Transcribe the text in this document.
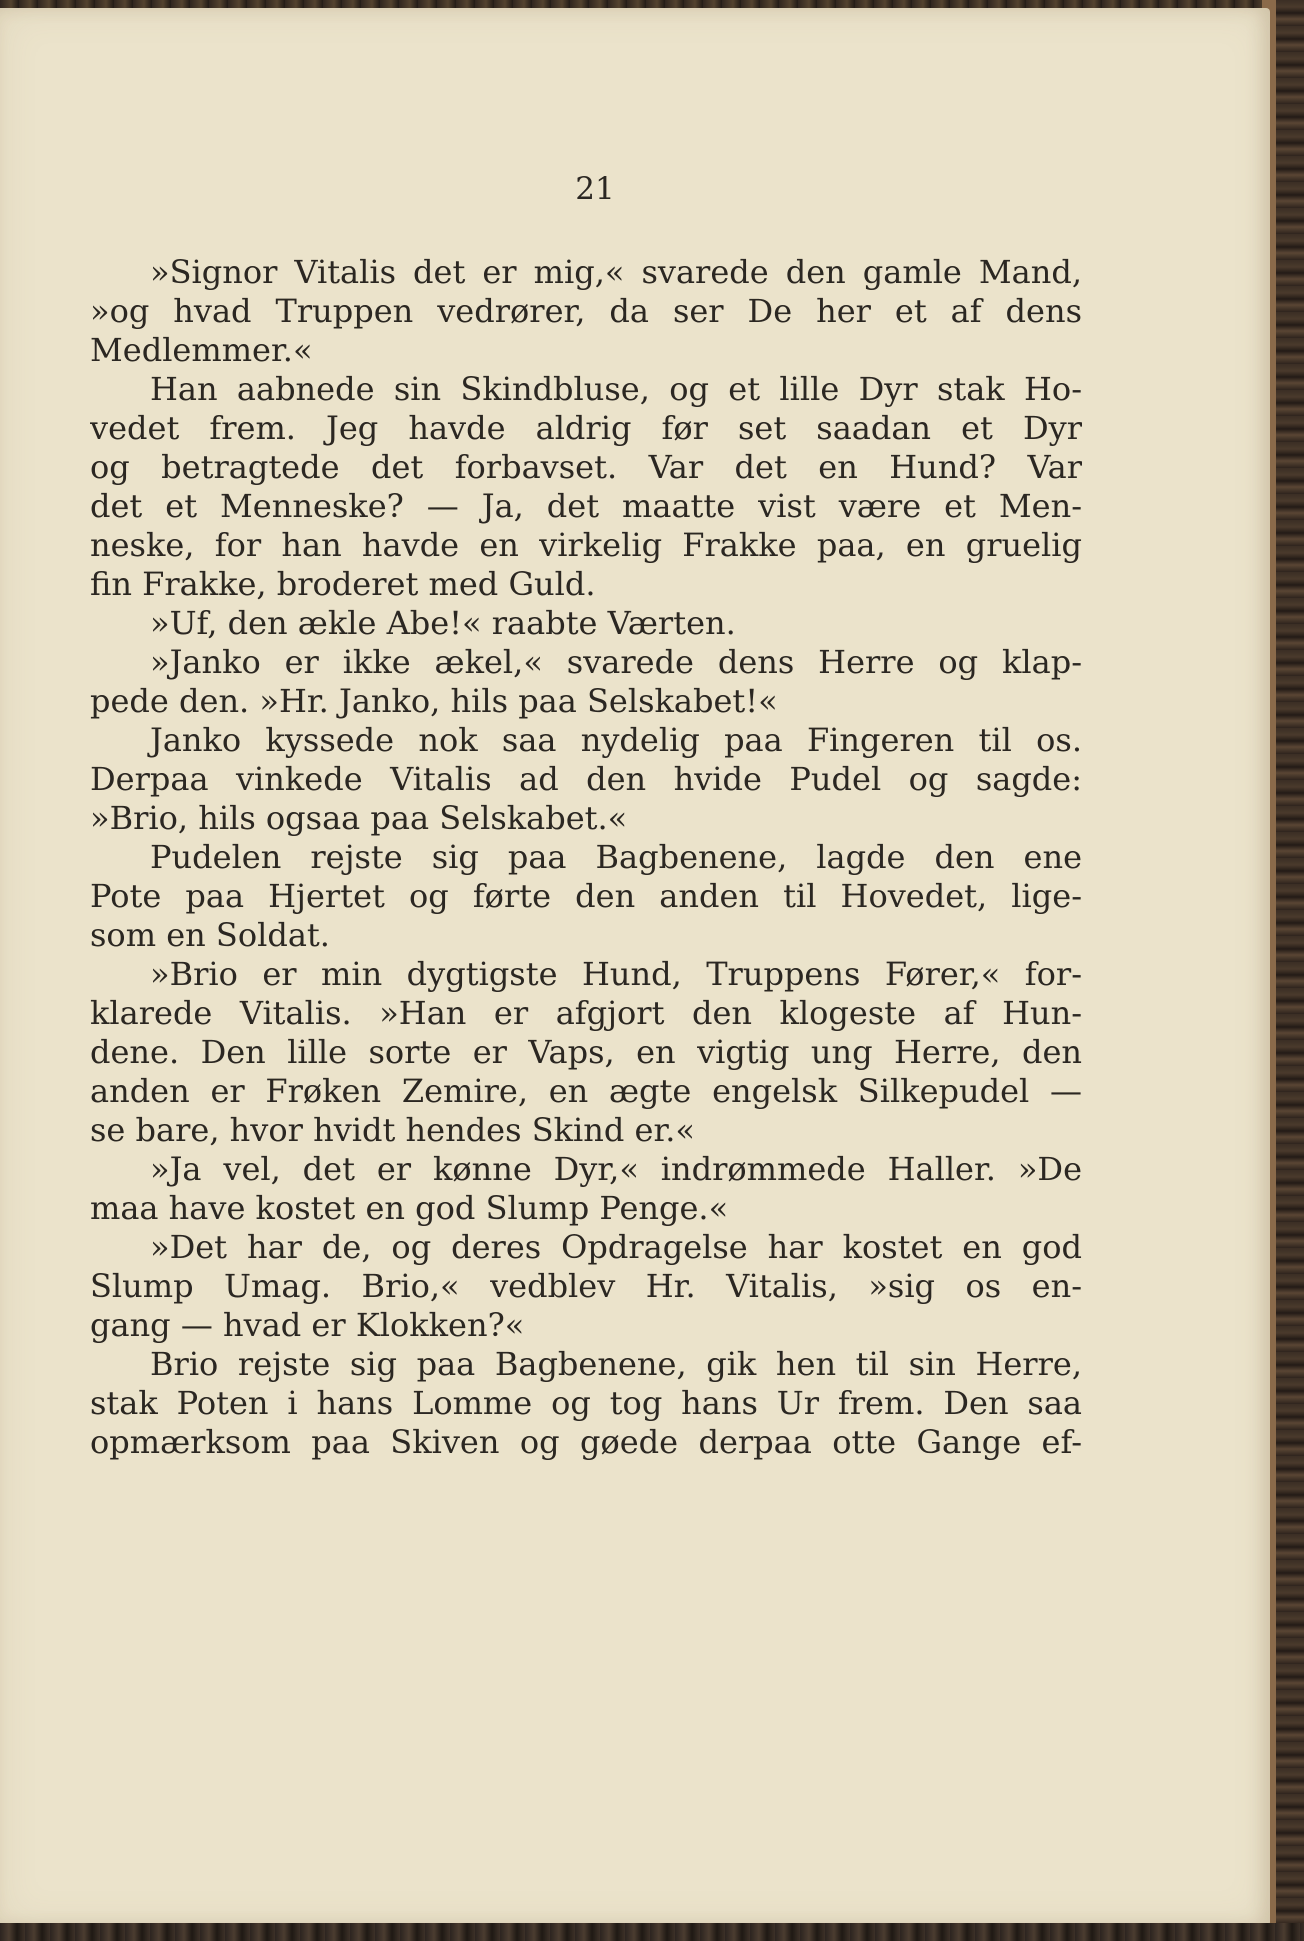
21
»Signor Vitalis det er mig,« svarede den gamle Mand,
»og hvad Truppen vedrører, da ser De her et af dens
Medlemmer.«
Han aabnede sin Skindbluse, og et lille Dyr stak Ho-
vedet frem. Jeg havde aldrig før set saadan et Dyr
og betragtede det forbavset. Var det en Hund? Var
det et Menneske? — Ja, det maatte vist være et Men-
neske, for han havde en virkelig Frakke paa, en gruelig
fin Frakke, broderet med Guld.
»Uf, den ækle Abe!« raabte Værten.
»Janko er ikke ækel,« svarede dens Herre og klap-
pede den. »Hr. Janko, hils paa Selskabet!«
Janko kyssede nok saa nydelig paa Fingeren til os.
Derpaa vinkede Vitalis ad den hvide Pudel og sagde:
»Brio, hils ogsaa paa Selskabet.«
Pudelen rejste sig paa Bagbenene, lagde den ene
Pote paa Hjertet og førte den anden til Hovedet, lige-
som en Soldat.
»Brio er min dygtigste Hund, Truppens Fører,« for-
klarede Vitalis. »Han er afgjort den klogeste af Hun-
dene. Den lille sorte er Vaps, en vigtig ung Herre, den
anden er Frøken Zemire, en ægte engelsk Silkepudel —
se bare, hvor hvidt hendes Skind er.«
»Ja vel, det er kønne Dyr,« indrømmede Haller. »De
maa have kostet en god Slump Penge.«
»Det har de, og deres Opdragelse har kostet en god
Slump Umag. Brio,« vedblev Hr. Vitalis, »sig os en-
gang — hvad er Klokken?«
Brio rejste sig paa Bagbenene, gik hen til sin Herre,
stak Poten i hans Lomme og tog hans Ur frem. Den saa
opmærksom paa Skiven og gøede derpaa otte Gange ef-
